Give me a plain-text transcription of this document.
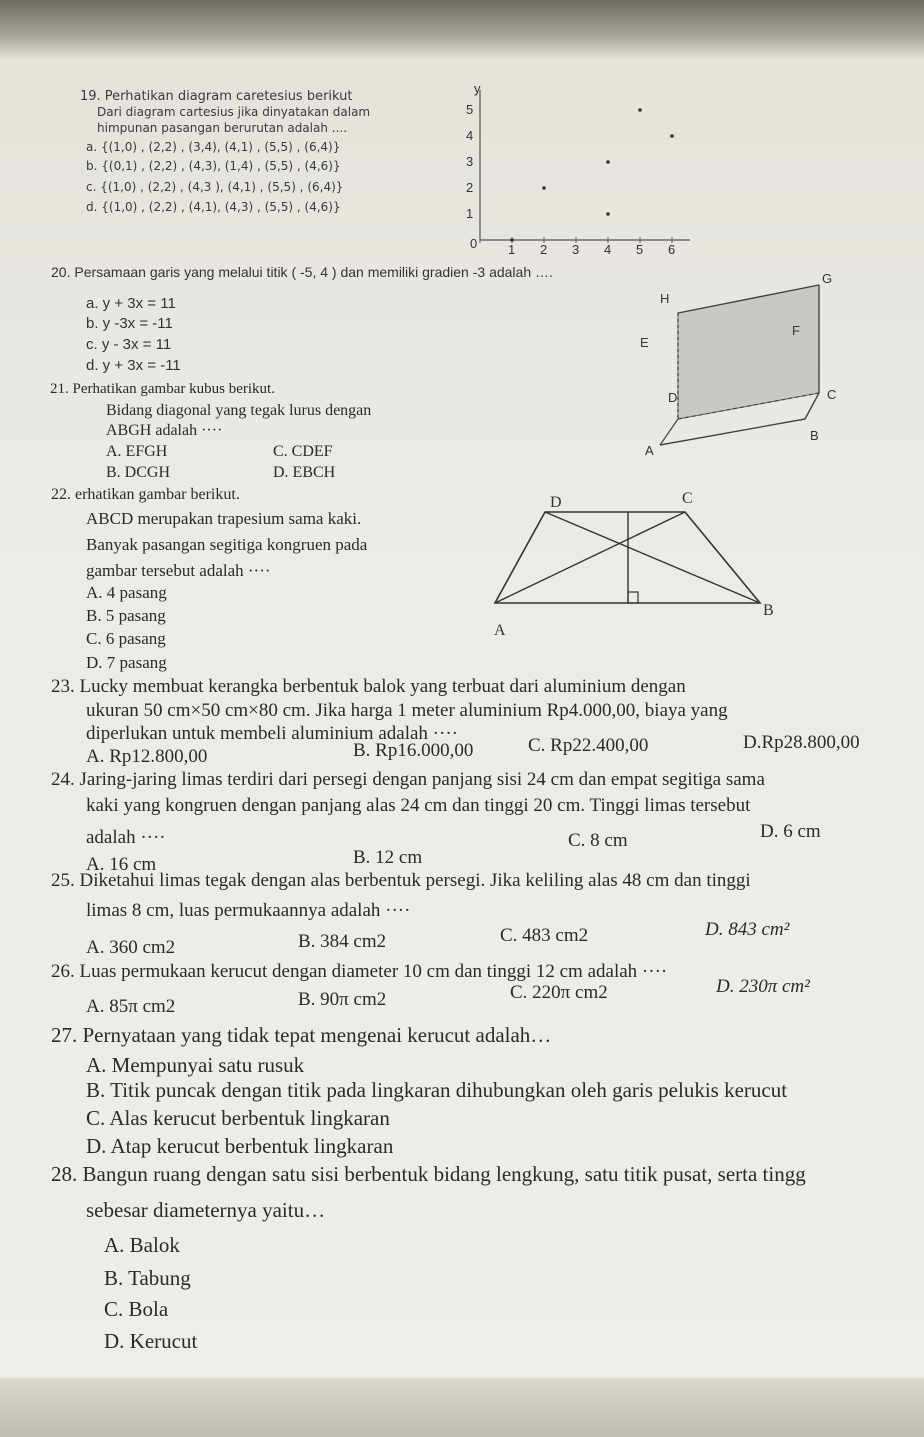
19. Perhatikan diagram caretesius berikut
Dari diagram cartesius jika dinyatakan dalam
himpunan pasangan berurutan adalah ....
a. {(1,0) , (2,2) , (3,4), (4,1) , (5,5) , (6,4)}
b. {(0,1) , (2,2) , (4,3), (1,4) , (5,5) , (4,6)}
c. {(1,0) , (2,2) , (4,3 ), (4,1) , (5,5) , (6,4)}
d. {(1,0) , (2,2) , (4,1), (4,3) , (5,5) , (4,6)}
y
0 1 2 3 4 5 6
1
2
3
4
5
20. Persamaan garis yang melalui titik ( -5, 4 ) dan memiliki gradien -3 adalah ….
a. y + 3x = 11
b. y -3x = -11
c. y - 3x = 11
d. y + 3x = -11
21. Perhatikan gambar kubus berikut.
Bidang diagonal yang tegak lurus dengan
ABGH adalah ····
A. EFGH	C. CDEF
B. DCGH	D. EBCH
H
G
E
F
D	C
A
B
22. erhatikan gambar berikut.
ABCD merupakan trapesium sama kaki.
Banyak pasangan segitiga kongruen pada
gambar tersebut adalah ····
A. 4 pasang
B. 5 pasang
C. 6 pasang
D. 7 pasang
D	C
A
B
23. Lucky membuat kerangka berbentuk balok yang terbuat dari aluminium dengan
ukuran 50 cm×50 cm×80 cm. Jika harga 1 meter aluminium Rp4.000,00, biaya yang
diperlukan untuk membeli aluminium adalah ····
A. Rp12.800,00	B. Rp16.000,00	C. Rp22.400,00	D.Rp28.800,00
24. Jaring-jaring limas terdiri dari persegi dengan panjang sisi 24 cm dan empat segitiga sama
kaki yang kongruen dengan panjang alas 24 cm dan tinggi 20 cm. Tinggi limas tersebut
adalah ····
A. 16 cm	B. 12 cm
C. 8 cm	D. 6 cm
25. Diketahui limas tegak dengan alas berbentuk persegi. Jika keliling alas 48 cm dan tinggi
limas 8 cm, luas permukaannya adalah ····
A. 360 cm2	B. 384 cm2	C. 483 cm2	D. 843 cm²
26. Luas permukaan kerucut dengan diameter 10 cm dan tinggi 12 cm adalah ····
A. 85π cm2	B. 90π cm2	C. 220π cm2	D. 230π cm²
27. Pernyataan yang tidak tepat mengenai kerucut adalah…
A. Mempunyai satu rusuk
B. Titik puncak dengan titik pada lingkaran dihubungkan oleh garis pelukis kerucut
C. Alas kerucut berbentuk lingkaran
D. Atap kerucut berbentuk lingkaran
28. Bangun ruang dengan satu sisi berbentuk bidang lengkung, satu titik pusat, serta tingg
sebesar diameternya yaitu…
A. Balok
B. Tabung
C. Bola
D. Kerucut
